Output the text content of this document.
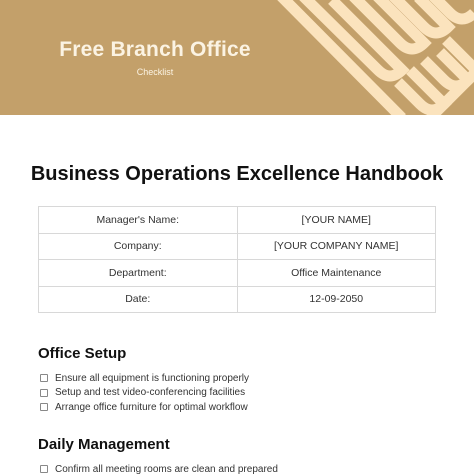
Free Branch Office
Checklist
Business Operations Excellence Handbook
Manager's Name:	[YOUR NAME]
Company:	[YOUR COMPANY NAME]
Department:	Office Maintenance
Date:	12-09-2050
Office Setup
Ensure all equipment is functioning properly
Setup and test video-conferencing facilities
Arrange office furniture for optimal workflow
Daily Management
Confirm all meeting rooms are clean and prepared
